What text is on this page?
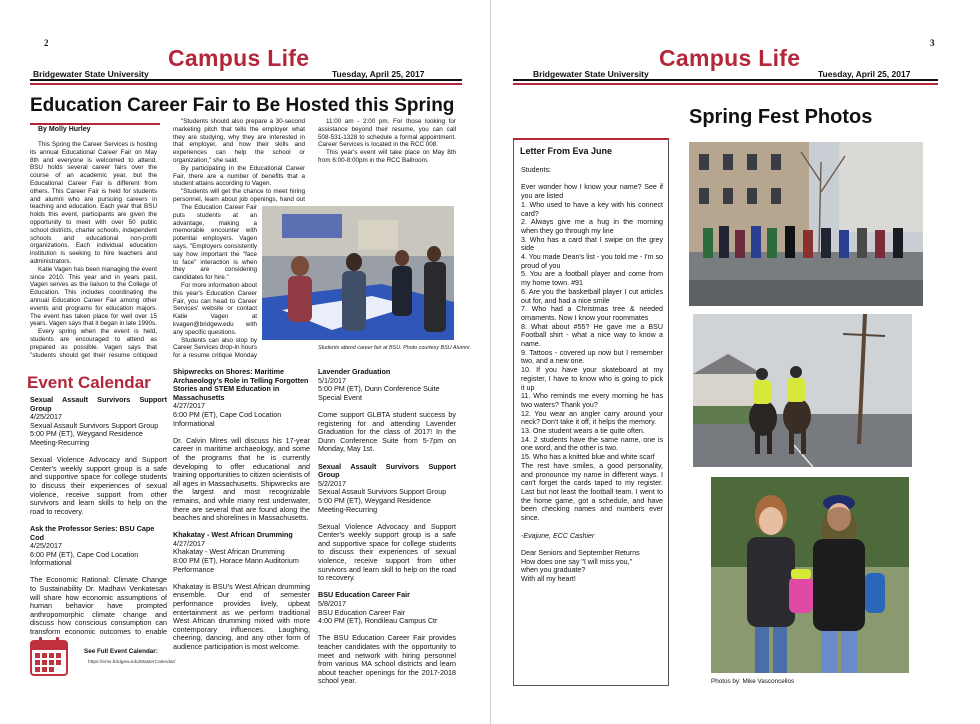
2
Campus Life
Bridgewater State University	Tuesday, April 25, 2017
Education Career Fair to Be Hosted this Spring
By Molly Hurley

This Spring the Career Services is hosting its annual Educational Career Fair on May 8th and everyone is welcomed to attend. BSU holds several career fairs over the course of an academic year, but the Educational Career Fair is different from others. This Career Fair is held for students and alumni who are pursuing careers in teaching and education. Each year that BSU holds this event, participants are given the opportunity to meet with over 50 public school districts, charter schools, independent schools and educational non-profit organizations. Each individual education institution is seeking to hire teachers and administrators.

Katie Vagen has been managing the event since 2010. This year and in years past, Vagen serves as the liaison to the College of Education. This includes coordinating the annual Education Career Fair among other events and programs for education majors. The event has taken place for well over 15 years. Vagen says that it began in late 1990s.

Every spring when the event is held, students are encouraged to attend as prepared as possible. Vagen says that "students should get their resume critiqued

"Students should also prepare a 30-second marketing pitch that tells the employer what they are studying, why they are interested in that employer, and how their skills and experiences can help the school or organization," she said.

By participating in the Educational Career Fair, there are a number of benefits that a student attains according to Vagen.

"Students will get the chance to meet hiring personnel, learn about job openings, hand out

The Education Career Fair puts students at an advantage, making a memorable encounter with potential employers. Vagen says, "Employers consistently say how important the "face to face" interaction is when they are considering candidates for hire."

For more information about this year's Education Career Fair, you can head to Career Services' website or contact Katie Vagen at kvagen@bridgew.edu with any specific questions.

Students can also stop by Career Services drop-in hours for a resume critique Monday

11:00 am - 2:00 pm. For those looking for assistance beyond their resume, you can call 508-531-1328 to schedule a formal appointment. Career Services is located in the RCC 008.

This year's event will take place on May 8th from 6:00-8:00pm in the RCC Ballroom.

Students attend career fair at BSU. Photo courtesy BSU Alumni.
Event Calendar
Sexual Assault Survivors Support Group
4/25/2017
Sexual Assault Survivors Support Group
5:00 PM (ET), Weygand Residence
Meeting-Recurring
Sexual Violence Advocacy and Support Center's weekly support group is a safe and supportive space for college students to discuss their experiences of sexual violence, receive support from other survivors and learn skills to help on the road to recovery.
Ask the Professor Series: BSU Cape Cod
4/25/2017
6:00 PM (ET), Cape Cod Location
Informational
The Economic Rational: Climate Change to Sustainability Dr. Madhavi Venkatesan will share how economic assumptions of human behavior have prompted anthropomorphic climate change and discuss how conscious consumption can transform economic outcomes to enable
Shipwrecks on Shores: Maritime Archaeology's Role in Telling Forgotten Stories and STEM Education in Massachusetts
4/27/2017
6:00 PM (ET), Cape Cod Location
Informational
Dr. Calvin Mires will discuss his 17-year career in maritime archaeology, and some of the programs that he is currently developing to offer educational and training opportunities to citizen scientists of all ages in Massachusetts. Shipwrecks are the largest and most recognizable remains, and while many rest underwater, there are several that are found along the beaches and shorelines in Massachusetts.
Khakatay - West African Drumming
4/27/2017
Khakatay - West African Drumming
8:00 PM (ET), Horace Mann Auditorium
Performance
Khakatay is BSU's West African drumming ensemble. Our end of semester performance provides lively, upbeat entertainment as we perform traditional West African drumming mixed with more contemporary influences. Laughing, cheering, dancing, and any other form of audience participation is most welcome.
Lavender Graduation
5/1/2017
5:00 PM (ET), Dunn Conference Suite
Special Event
Come support GLBTA student success by registering for and attending Lavender Graduation for the class of 2017! In the Dunn Conference Suite from 5-7pm on Monday, May 1st.
Sexual Assault Survivors Support Group
5/2/2017
Sexual Assault Survivors Support Group
5:00 PM (ET), Weygand Residence
Meeting-Recurring
Sexual Violence Advocacy and Support Center's weekly support group is a safe and supportive space for college students to discuss their experiences of sexual violence, receive support from other survivors and learn skill to help on the road to recovery.
BSU Education Career Fair
5/8/2017
BSU Education Career Fair
4:00 PM (ET), Rondileau Campus Ctr
The BSU Education Career Fair provides teacher candidates with the opportunity to meet and network with hiring personnel from various MA school districts and learn about teacher openings for the 2017-2018 school year.
See Full Event Calendar:
https://ems.bridgew.edu/MasterCalendar/
3
Campus Life
Bridgewater State University	Tuesday, April 25, 2017
Spring Fest Photos
Letter From Eva June
Students:
Ever wonder how I know your name? See if you are listed
1. Who used to have a key with his connect card?
2. Always give me a hug in the morning when they go through my line
3. Who has a card that I swipe on the grey side
4. You made Dean's list - you told me - I'm so proud of you
5. You are a football player and come from my home town. #91
6. Are you the basketball player I cut articles out for, and had a nice smile
7. Who had a Christmas tree & needed ornaments. Now I know your roommates
8. What about #55? He gave me a BSU Football shirt - what a nice way to know a name.
9. Tattoos - covered up now but I remember two, and a new one.
10. If you have your skateboard at my register, I have to know who is going to pick it up
11. Who reminds me every morning he has two waters? Thank you?
12. You wear an angler carry around your neck? Don't take it off, it helps the memory.
13. One student wears a tie quite often.
14. 2 students have the same name, one is one word, and the other is two.
15. Who has a knitted blue and white scarf
The rest have smiles, a good personality, and pronounce my name in different ways. I can't forget the cards taped to my register. Last but not least the football team. I went to the home game, got a schedule, and have been checking names and numbers ever since.
-Evajune, ECC Cashier
Dear Seniors and September Returns
How does one say "I will miss you,"
when you graduate?
With all my heart!
Photos by: Mike Vasconcellos
